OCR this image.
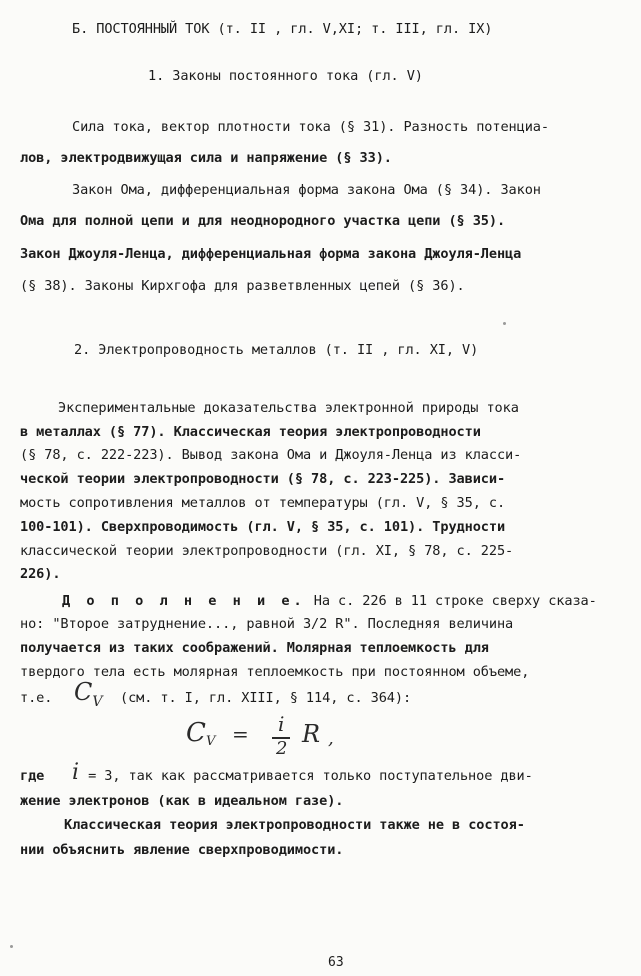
Б. ПОСТОЯННЫЙ ТОК (т. II , гл. V,XI; т. III, гл. IX)
1. Законы постоянного тока (гл. V)
Сила тока, вектор плотности тока (§ 31). Разность потенциа-
лов, электродвижущая сила и напряжение (§ 33).
Закон Ома, дифференциальная форма закона Ома (§ 34). Закон
Ома для полной цепи и для неоднородного участка цепи (§ 35).
Закон Джоуля-Ленца, дифференциальная форма закона Джоуля-Ленца
(§ 38). Законы Кирхгофа для разветвленных цепей (§ 36).
2. Электропроводность металлов (т. II , гл. XI, V)
Экспериментальные доказательства электронной природы тока
в металлах (§ 77). Классическая теория электропроводности
(§ 78, с. 222-223). Вывод закона Ома и Джоуля-Ленца из класси-
ческой теории электропроводности (§ 78, с. 223-225). Зависи-
мость сопротивления металлов от температуры (гл. V, § 35, с.
100-101). Сверхпроводимость (гл. V, § 35, с. 101). Трудности
классической теории электропроводности (гл. XI, § 78, с. 225-
226).
Д о п о л н е н и е. На с. 226 в 11 строке сверху сказа-
но: "Второе затруднение..., равной 3/2 R". Последняя величина
получается из таких соображений. Молярная теплоемкость для
твердого тела есть молярная теплоемкость при постоянном объеме,
т.е. $C_V$ (см. т. I, гл. XIII, § 114, с. 364):
C V = i
2
R ,
где i = 3, так как рассматривается только поступательное дви-
жение электронов (как в идеальном газе).
Классическая теория электропроводности также не в состоя-
нии объяснить явление сверхпроводимости.
63
